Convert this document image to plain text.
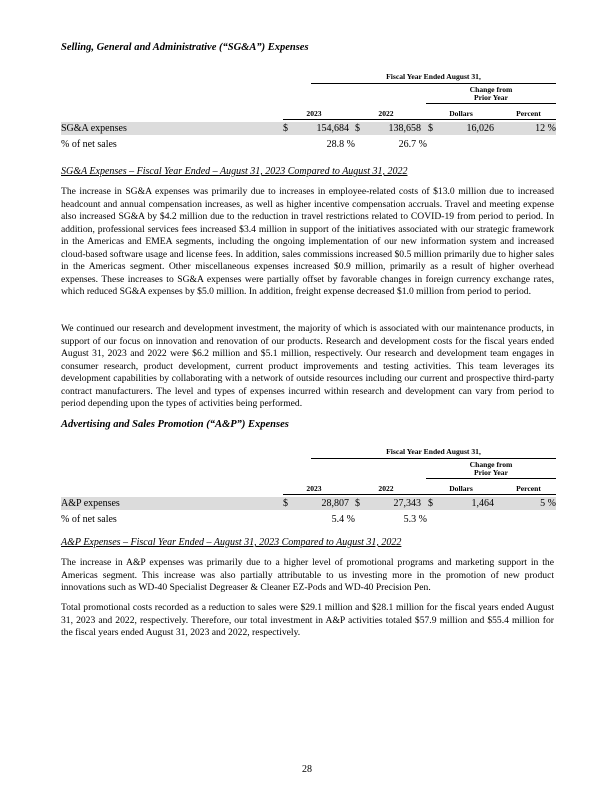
Selling, General and Administrative (“SG&A”) Expenses
Fiscal Year Ended August 31,
Change from
Prior Year
2023	2022	Dollars	Percent
SG&A expenses	$	154,684 $	138,658 $	16,026	12 %
% of net sales	28.8 %	26.7 %
SG&A Expenses – Fiscal Year Ended – August 31, 2023 Compared to August 31, 2022

The increase in SG&A expenses was primarily due to increases in employee-related costs of $13.0 million due to increased headcount and annual compensation increases, as well as higher incentive compensation accruals. Travel and meeting expense also increased SG&A by $4.2 million due to the reduction in travel restrictions related to COVID-19 from period to period. In addition, professional services fees increased $3.4 million in support of the initiatives associated with our strategic framework in the Americas and EMEA segments, including the ongoing implementation of our new information system and increased cloud-based software usage and license fees. In addition, sales commissions increased $0.5 million primarily due to higher sales in the Americas segment. Other miscellaneous expenses increased $0.9 million, primarily as a result of higher overhead expenses. These increases to SG&A expenses were partially offset by favorable changes in foreign currency exchange rates, which reduced SG&A expenses by $5.0 million. In addition, freight expense decreased $1.0 million from period to period.

We continued our research and development investment, the majority of which is associated with our maintenance products, in support of our focus on innovation and renovation of our products. Research and development costs for the fiscal years ended August 31, 2023 and 2022 were $6.2 million and $5.1 million, respectively. Our research and development team engages in consumer research, product development, current product improvements and testing activities. This team leverages its development capabilities by collaborating with a network of outside resources including our current and prospective third-party contract manufacturers. The level and types of expenses incurred within research and development can vary from period to period depending upon the types of activities being performed.

Advertising and Sales Promotion (“A&P”) Expenses
Fiscal Year Ended August 31,
Change from
Prior Year
2023	2022	Dollars	Percent
A&P expenses	$	28,807 $	27,343 $	1,464	5 %
% of net sales	5.4 %	5.3 %
A&P Expenses – Fiscal Year Ended – August 31, 2023 Compared to August 31, 2022

The increase in A&P expenses was primarily due to a higher level of promotional programs and marketing support in the Americas segment. This increase was also partially attributable to us investing more in the promotion of new product innovations such as WD-40 Specialist Degreaser & Cleaner EZ-Pods and WD-40 Precision Pen.

Total promotional costs recorded as a reduction to sales were $29.1 million and $28.1 million for the fiscal years ended August 31, 2023 and 2022, respectively. Therefore, our total investment in A&P activities totaled $57.9 million and $55.4 million for the fiscal years ended August 31, 2023 and 2022, respectively.

28
